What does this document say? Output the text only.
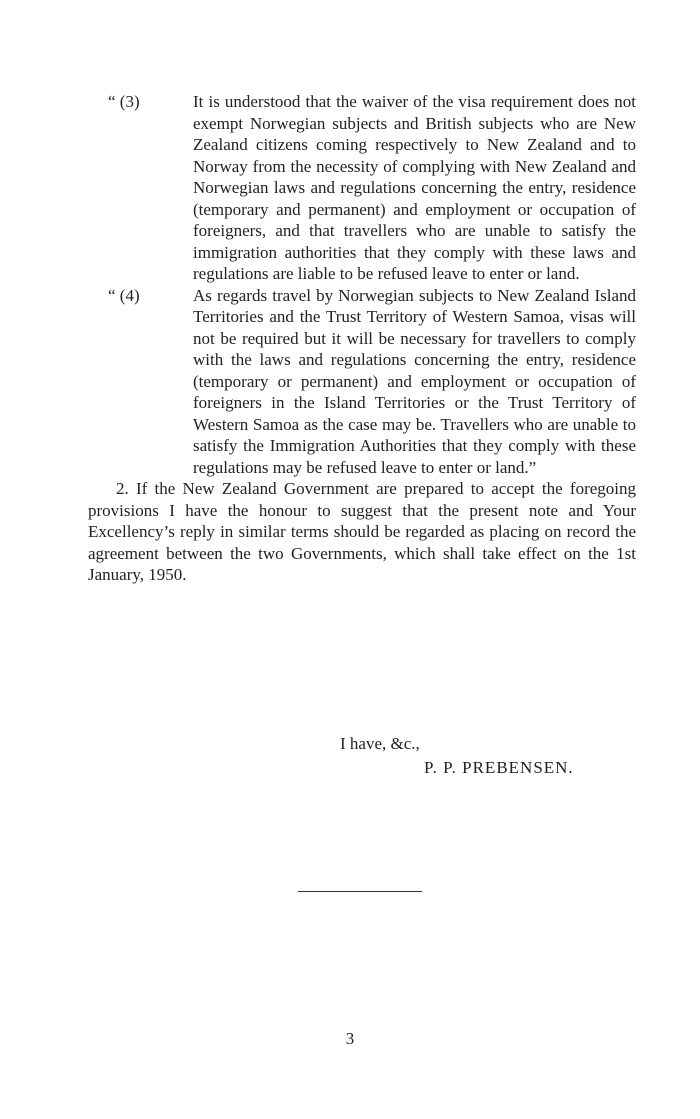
“ (3)	It is understood that the waiver of the visa requirement does not exempt Norwegian subjects and British subjects who are New Zealand citizens coming respectively to New Zealand and to Norway from the necessity of complying with New Zealand and Norwegian laws and regulations concerning the entry, residence (temporary and permanent) and employment or occupation of foreigners, and that travellers who are unable to satisfy the immigration authorities that they comply with these laws and regulations are liable to be refused leave to enter or land.
“ (4)	As regards travel by Norwegian subjects to New Zealand Island Territories and the Trust Territory of Western Samoa, visas will not be required but it will be necessary for travellers to comply with the laws and regulations concerning the entry, residence (temporary or permanent) and employment or occupation of foreigners in the Island Territories or the Trust Territory of Western Samoa as the case may be. Travellers who are unable to satisfy the Immigration Authorities that they comply with these regulations may be refused leave to enter or land.”

2. If the New Zealand Government are prepared to accept the foregoing provisions I have the honour to suggest that the present note and Your Excellency’s reply in similar terms should be regarded as placing on record the agreement between the two Governments, which shall take effect on the 1st January, 1950.

I have, &c.,
P. P. PREBENSEN.
3
